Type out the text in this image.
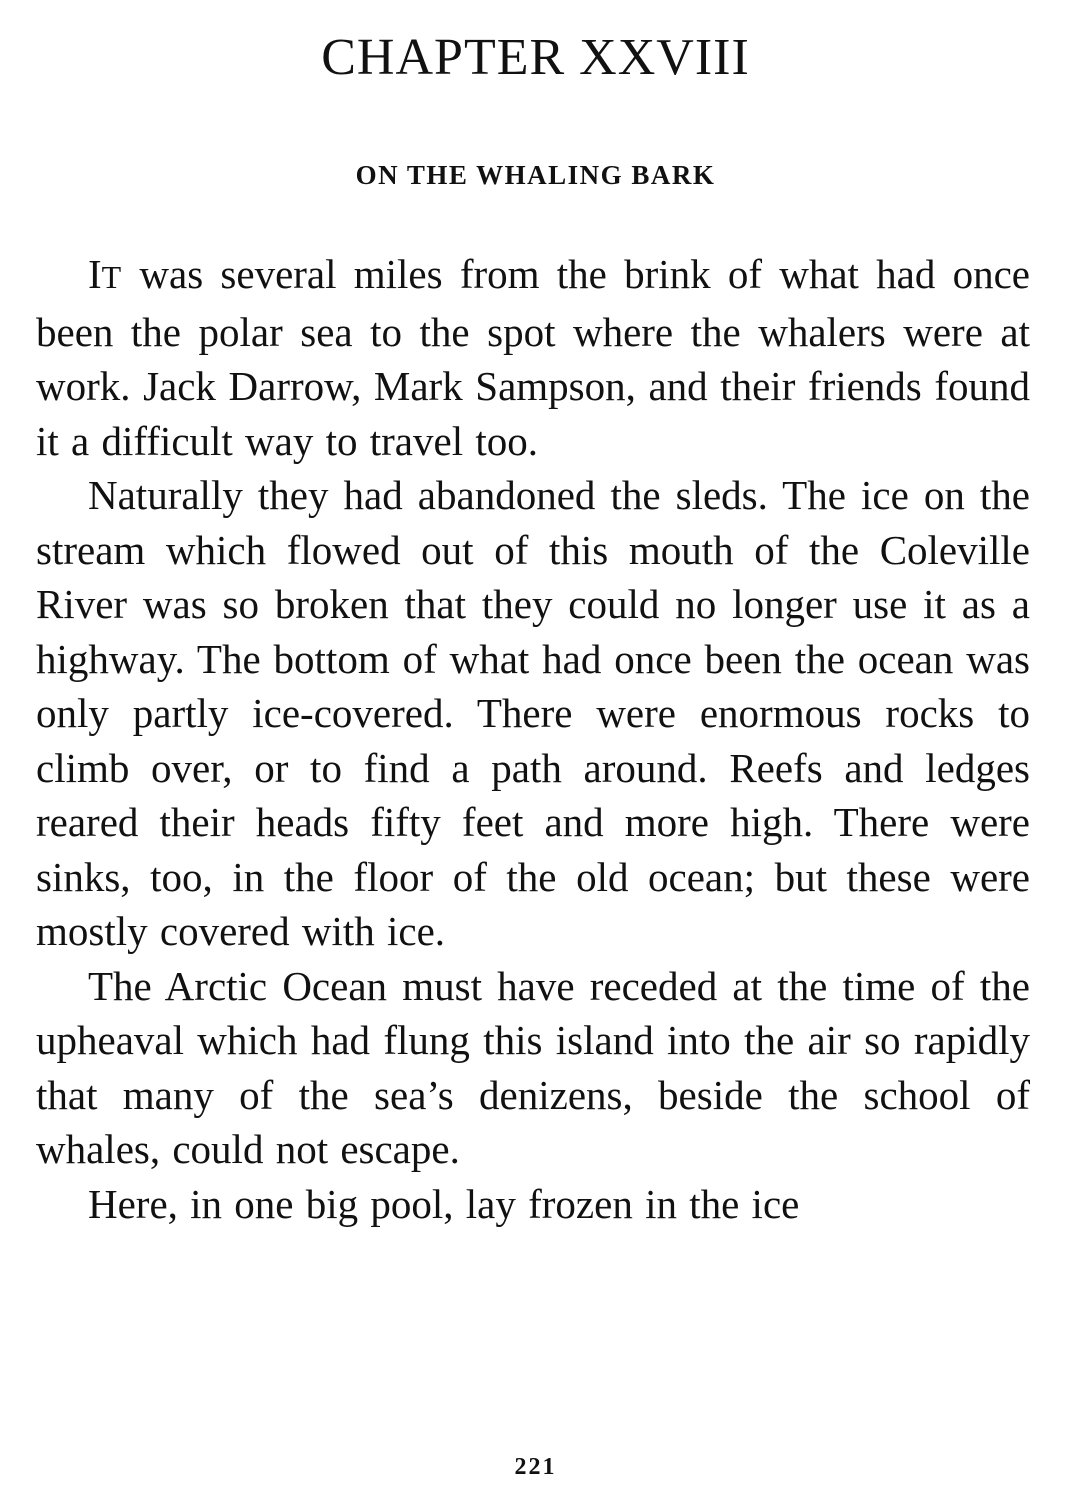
CHAPTER XXVIII
ON THE WHALING BARK

IT was several miles from the brink of what had once been the polar sea to the spot where the whalers were at work. Jack Darrow, Mark Sampson, and their friends found it a difficult way to travel too.

Naturally they had abandoned the sleds. The ice on the stream which flowed out of this mouth of the Coleville River was so broken that they could no longer use it as a highway. The bottom of what had once been the ocean was only partly ice-covered. There were enormous rocks to climb over, or to find a path around. Reefs and ledges reared their heads fifty feet and more high. There were sinks, too, in the floor of the old ocean; but these were mostly covered with ice.

The Arctic Ocean must have receded at the time of the upheaval which had flung this island into the air so rapidly that many of the sea’s denizens, beside the school of whales, could not escape.

Here, in one big pool, lay frozen in the ice

221
